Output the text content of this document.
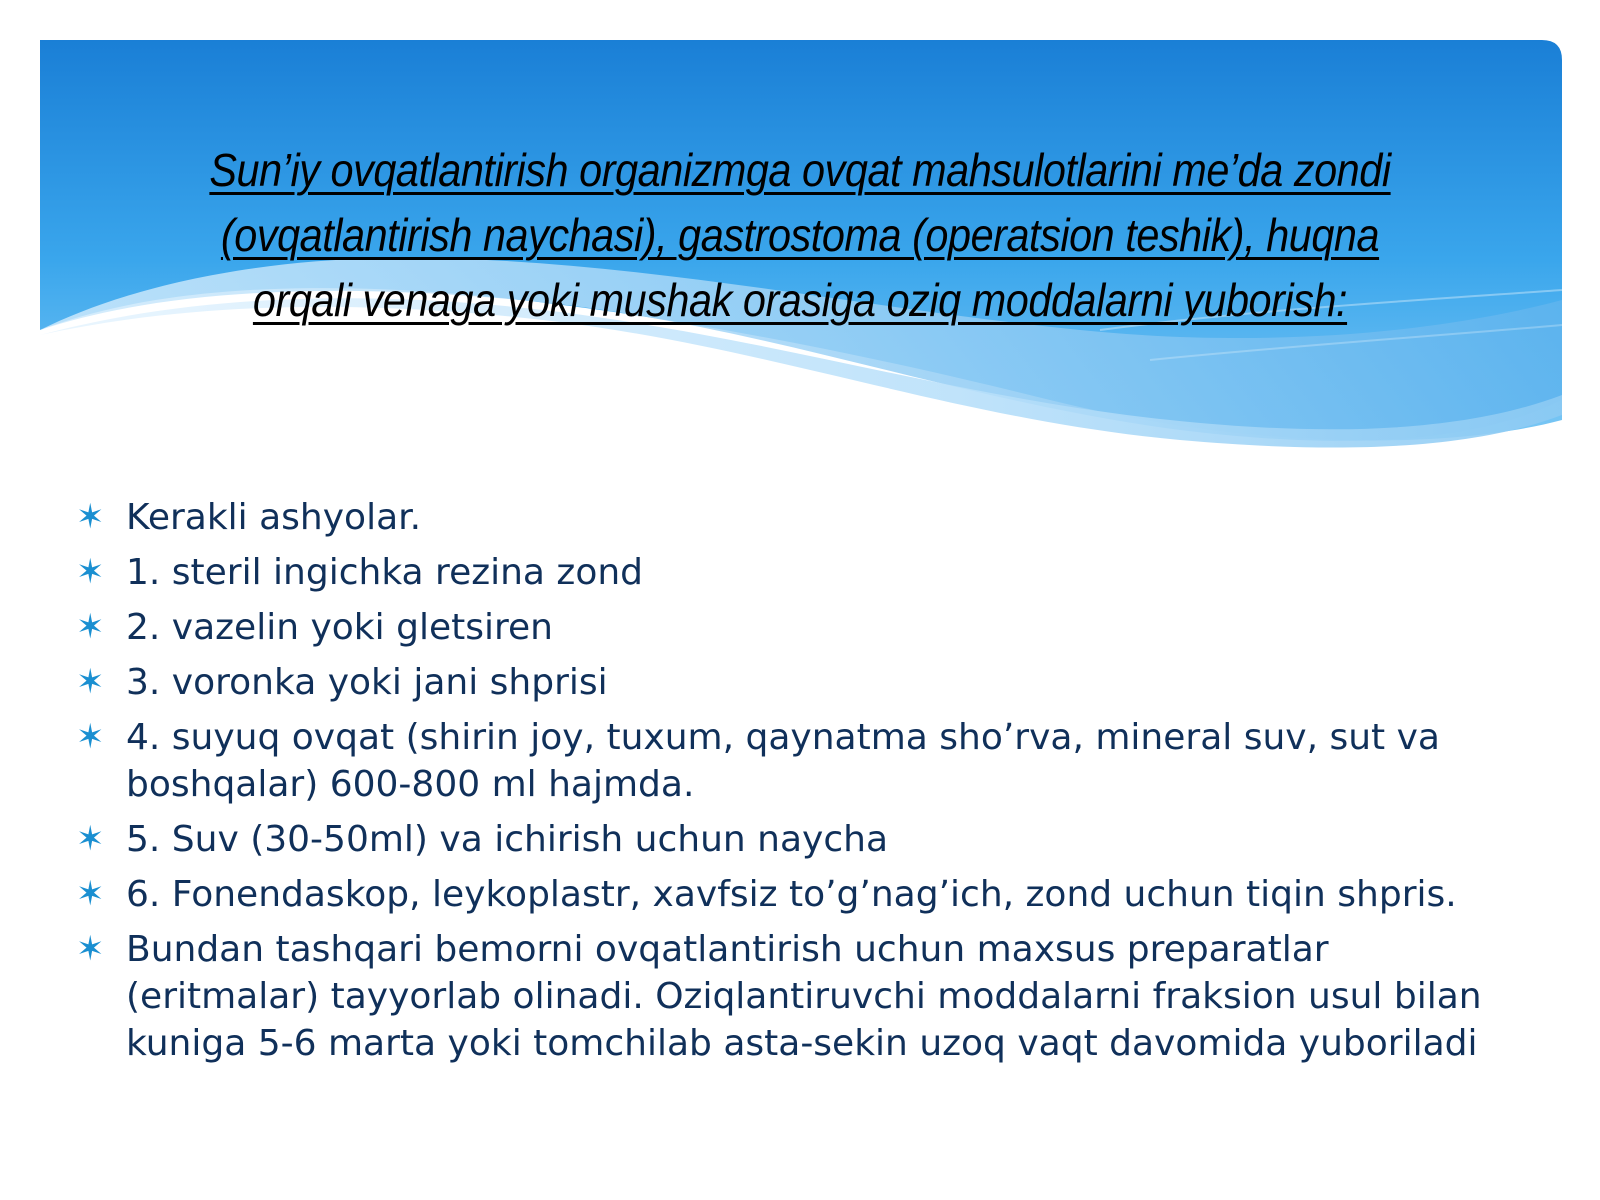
Sun’iy ovqatlantirish organizmga ovqat mahsulotlarini me’da zondi
(ovqatlantirish naychasi), gastrostoma (operatsion teshik), huqna
orqali venaga yoki mushak orasiga oziq moddalarni yuborish:
✶ Kerakli ashyolar.
✶ 1. steril ingichka rezina zond
✶ 2. vazelin yoki gletsiren
✶ 3. voronka yoki jani shprisi
✶ 4. suyuq ovqat (shirin joy, tuxum, qaynatma sho’rva, mineral suv, sut va boshqalar) 600-800 ml hajmda.
✶ 5. Suv (30-50ml) va ichirish uchun naycha
✶ 6. Fonendaskop, leykoplastr, xavfsiz to’g’nag’ich, zond uchun tiqin shpris.
✶ Bundan tashqari bemorni ovqatlantirish uchun maxsus preparatlar (eritmalar) tayyorlab olinadi. Oziqlantiruvchi moddalarni fraksion usul bilan kuniga 5-6 marta yoki tomchilab asta-sekin uzoq vaqt davomida yuboriladi
